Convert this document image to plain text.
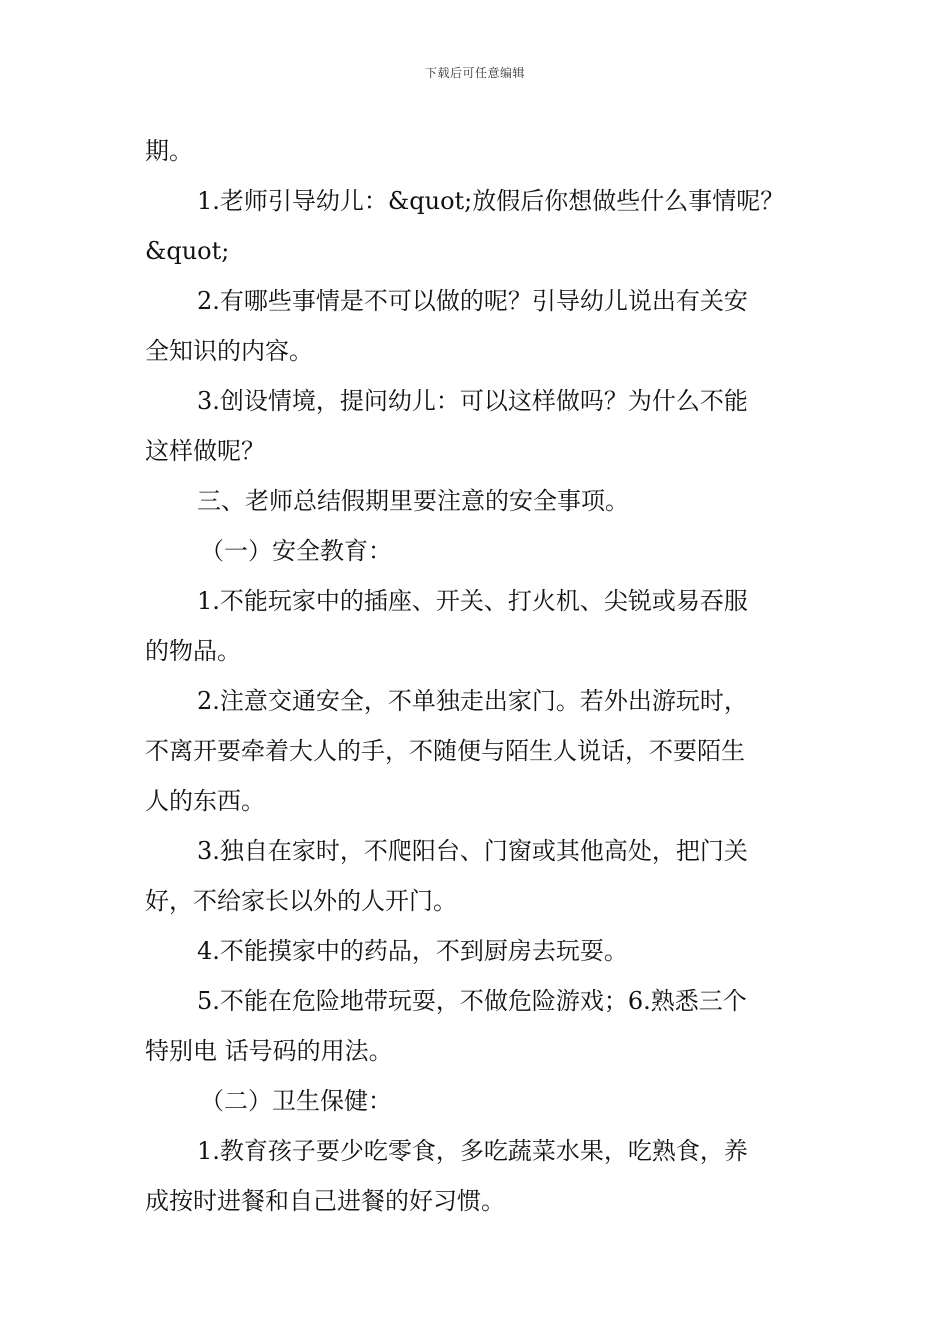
下载后可任意编辑
期。
1.老师引导幼儿：&quot;放假后你想做些什么事情呢？
&quot;
2.有哪些事情是不可以做的呢？引导幼儿说出有关安
全知识的内容。
3.创设情境，提问幼儿：可以这样做吗？为什么不能
这样做呢？
三、老师总结假期里要注意的安全事项。
（一）安全教育：
1.不能玩家中的插座、开关、打火机、尖锐或易吞服
的物品。
2.注意交通安全，不单独走出家门。若外出游玩时，
不离开要牵着大人的手，不随便与陌生人说话，不要陌生
人的东西。
3.独自在家时，不爬阳台、门窗或其他高处，把门关
好，不给家长以外的人开门。
4.不能摸家中的药品，不到厨房去玩耍。
5.不能在危险地带玩耍，不做危险游戏；6.熟悉三个
特别电 话号码的用法。
（二）卫生保健：
1.教育孩子要少吃零食，多吃蔬菜水果，吃熟食，养
成按时进餐和自己进餐的好习惯。
